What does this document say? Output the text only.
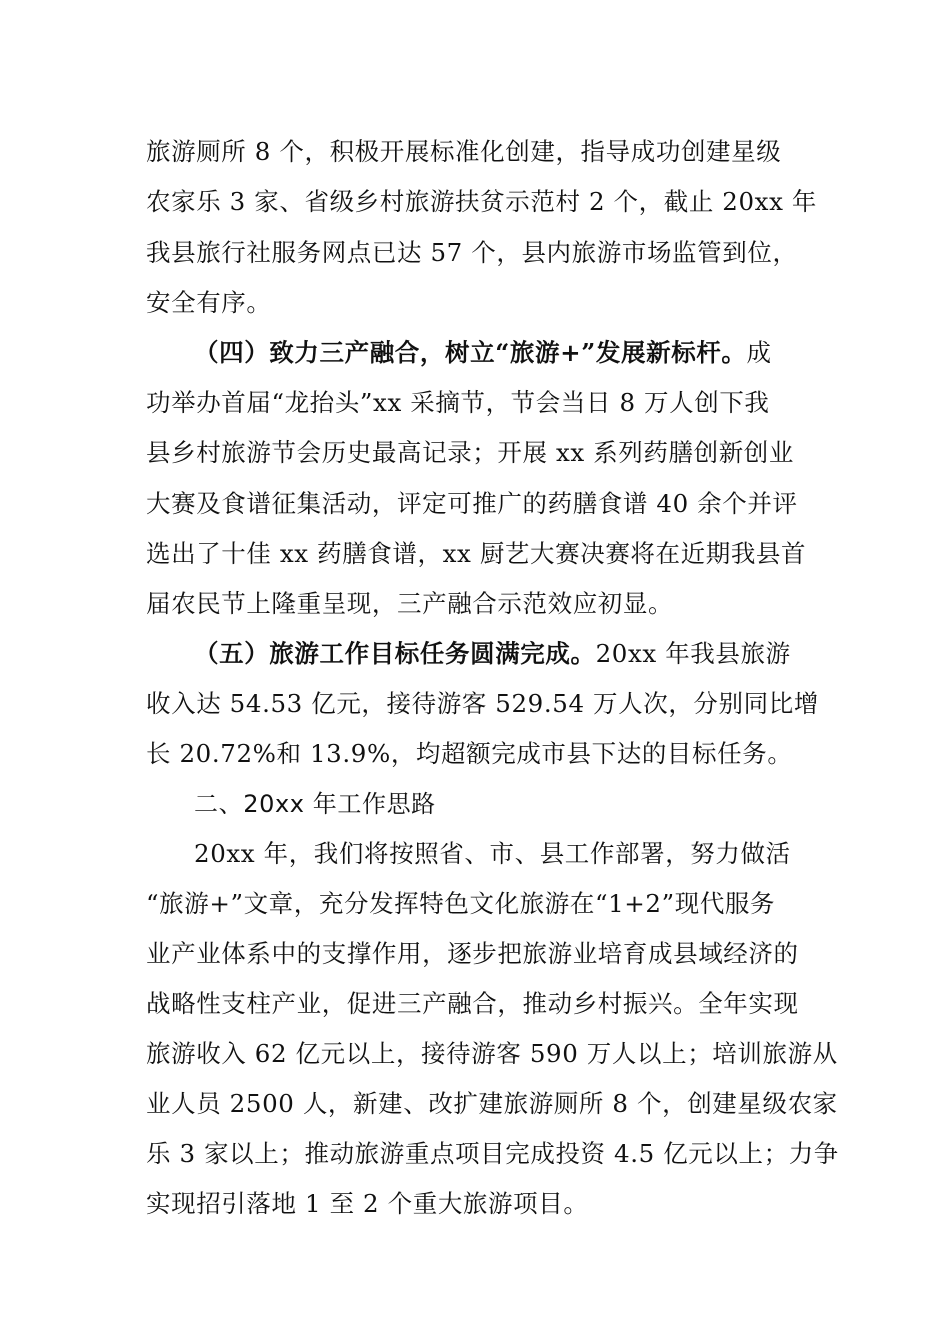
旅游厕所 8 个，积极开展标准化创建，指导成功创建星级
农家乐 3 家、省级乡村旅游扶贫示范村 2 个，截止 20xx 年
我县旅行社服务网点已达 57 个，县内旅游市场监管到位，
安全有序。
（四）致力三产融合，树立“旅游+”发展新标杆。成
功举办首届“龙抬头”xx 采摘节，节会当日 8 万人创下我
县乡村旅游节会历史最高记录；开展 xx 系列药膳创新创业
大赛及食谱征集活动，评定可推广的药膳食谱 40 余个并评
选出了十佳 xx 药膳食谱，xx 厨艺大赛决赛将在近期我县首
届农民节上隆重呈现，三产融合示范效应初显。
（五）旅游工作目标任务圆满完成。20xx 年我县旅游
收入达 54.53 亿元，接待游客 529.54 万人次，分别同比增
长 20.72%和 13.9%，均超额完成市县下达的目标任务。
二、20xx 年工作思路
20xx 年，我们将按照省、市、县工作部署，努力做活
“旅游+”文章，充分发挥特色文化旅游在“1+2”现代服务
业产业体系中的支撑作用，逐步把旅游业培育成县域经济的
战略性支柱产业，促进三产融合，推动乡村振兴。全年实现
旅游收入 62 亿元以上，接待游客 590 万人以上；培训旅游从
业人员 2500 人，新建、改扩建旅游厕所 8 个，创建星级农家
乐 3 家以上；推动旅游重点项目完成投资 4.5 亿元以上；力争
实现招引落地 1 至 2 个重大旅游项目。
